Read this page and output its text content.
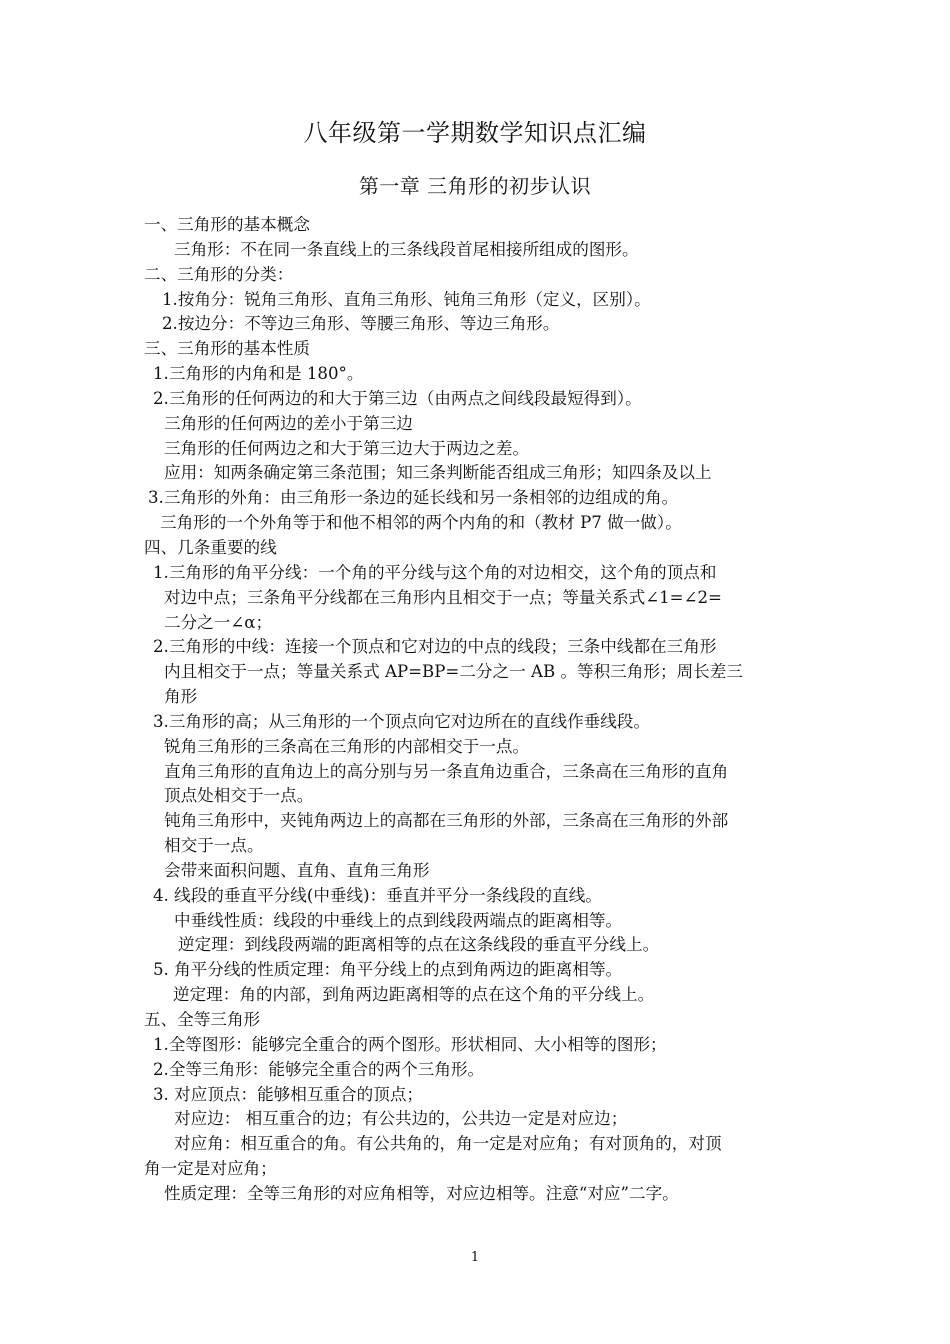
八年级第一学期数学知识点汇编
第一章 三角形的初步认识
一、三角形的基本概念
三角形：不在同一条直线上的三条线段首尾相接所组成的图形。
二、三角形的分类：
1.按角分：锐角三角形、直角三角形、钝角三角形（定义，区别）。
2.按边分：不等边三角形、等腰三角形、等边三角形。
三、三角形的基本性质
1.三角形的内角和是 180°。
2.三角形的任何两边的和大于第三边（由两点之间线段最短得到）。
三角形的任何两边的差小于第三边
三角形的任何两边之和大于第三边大于两边之差。
应用：知两条确定第三条范围；知三条判断能否组成三角形；知四条及以上
3.三角形的外角：由三角形一条边的延长线和另一条相邻的边组成的角。
三角形的一个外角等于和他不相邻的两个内角的和（教材 P7 做一做）。
四、几条重要的线
1.三角形的角平分线：一个角的平分线与这个角的对边相交，这个角的顶点和
对边中点；三条角平分线都在三角形内且相交于一点；等量关系式∠1=∠2=
二分之一∠α；
2.三角形的中线：连接一个顶点和它对边的中点的线段；三条中线都在三角形
内且相交于一点；等量关系式 AP=BP=二分之一 AB 。等积三角形；周长差三
角形
3.三角形的高；从三角形的一个顶点向它对边所在的直线作垂线段。
锐角三角形的三条高在三角形的内部相交于一点。
直角三角形的直角边上的高分别与另一条直角边重合，三条高在三角形的直角
顶点处相交于一点。
钝角三角形中，夹钝角两边上的高都在三角形的外部，三条高在三角形的外部
相交于一点。
会带来面积问题、直角、直角三角形
4. 线段的垂直平分线(中垂线)：垂直并平分一条线段的直线。
中垂线性质：线段的中垂线上的点到线段两端点的距离相等。
逆定理：到线段两端的距离相等的点在这条线段的垂直平分线上。
5. 角平分线的性质定理：角平分线上的点到角两边的距离相等。
逆定理：角的内部，到角两边距离相等的点在这个角的平分线上。
五、全等三角形
1.全等图形：能够完全重合的两个图形。形状相同、大小相等的图形；
2.全等三角形：能够完全重合的两个三角形。
3. 对应顶点：能够相互重合的顶点；
对应边： 相互重合的边；有公共边的，公共边一定是对应边；
对应角：相互重合的角。有公共角的，角一定是对应角；有对顶角的，对顶
角一定是对应角；
性质定理：全等三角形的对应角相等，对应边相等。注意“对应”二字。
1
